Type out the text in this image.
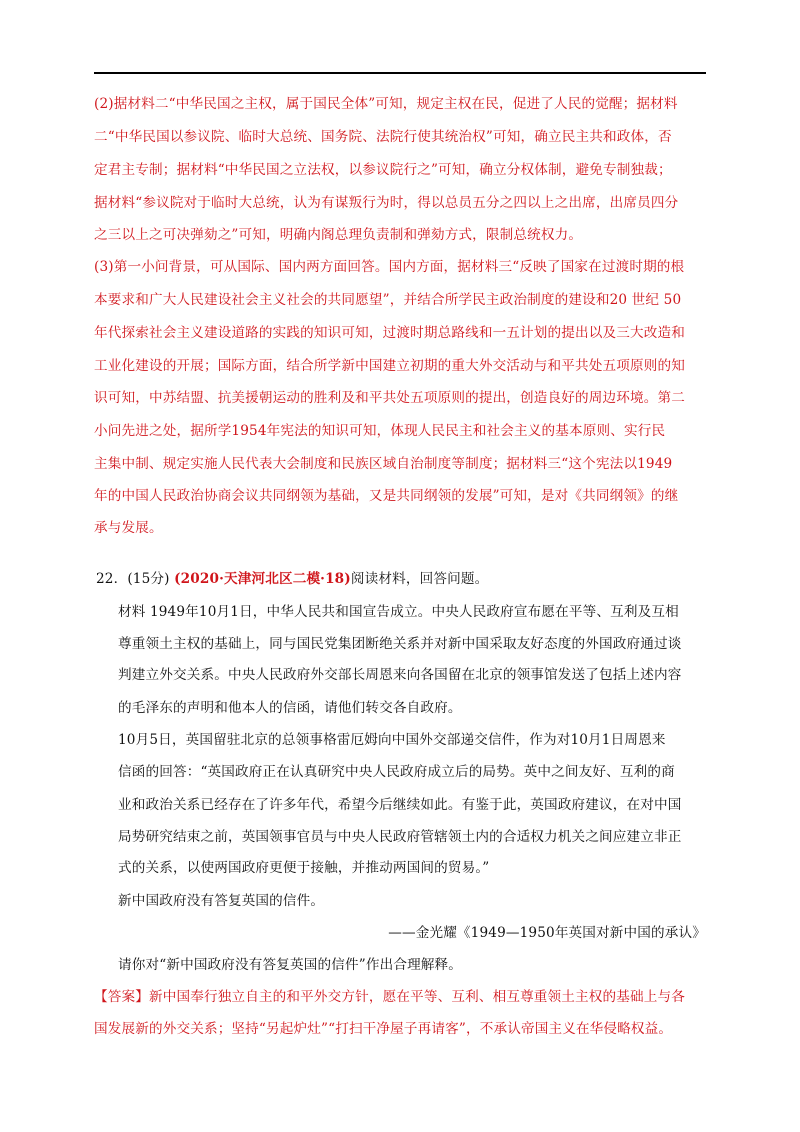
(2)据材料二“中华民国之主权，属于国民全体”可知，规定主权在民，促进了人民的觉醒；据材料
二“中华民国以参议院、临时大总统、国务院、法院行使其统治权”可知，确立民主共和政体，否
定君主专制；据材料“中华民国之立法权，以参议院行之”可知，确立分权体制，避免专制独裁；
据材料“参议院对于临时大总统，认为有谋叛行为时，得以总员五分之四以上之出席，出席员四分
之三以上之可决弹劾之”可知，明确内阁总理负责制和弹劾方式，限制总统权力。
(3)第一小问背景，可从国际、国内两方面回答。国内方面，据材料三“反映了国家在过渡时期的根
本要求和广大人民建设社会主义社会的共同愿望”，并结合所学民主政治制度的建设和20 世纪 50
年代探索社会主义建设道路的实践的知识可知，过渡时期总路线和一五计划的提出以及三大改造和
工业化建设的开展；国际方面，结合所学新中国建立初期的重大外交活动与和平共处五项原则的知
识可知，中苏结盟、抗美援朝运动的胜利及和平共处五项原则的提出，创造良好的周边环境。第二
小问先进之处，据所学1954年宪法的知识可知，体现人民民主和社会主义的基本原则、实行民
主集中制、规定实施人民代表大会制度和民族区域自治制度等制度；据材料三“这个宪法以1949
年的中国人民政治协商会议共同纲领为基础，又是共同纲领的发展”可知，是对《共同纲领》的继
承与发展。
22．(15分) (2020·天津河北区二模·18)阅读材料，回答问题。
材料 1949年10月1日，中华人民共和国宣告成立。中央人民政府宣布愿在平等、互利及互相
尊重领土主权的基础上，同与国民党集团断绝关系并对新中国采取友好态度的外国政府通过谈
判建立外交关系。中央人民政府外交部长周恩来向各国留在北京的领事馆发送了包括上述内容
的毛泽东的声明和他本人的信函，请他们转交各自政府。
10月5日，英国留驻北京的总领事格雷厄姆向中国外交部递交信件，作为对10月1日周恩来
信函的回答：“英国政府正在认真研究中央人民政府成立后的局势。英中之间友好、互利的商
业和政治关系已经存在了许多年代，希望今后继续如此。有鉴于此，英国政府建议，在对中国
局势研究结束之前，英国领事官员与中央人民政府管辖领土内的合适权力机关之间应建立非正
式的关系，以使两国政府更便于接触，并推动两国间的贸易。”
新中国政府没有答复英国的信件。
——金光耀《1949—1950年英国对新中国的承认》
请你对“新中国政府没有答复英国的信件”作出合理解释。
【答案】新中国奉行独立自主的和平外交方针，愿在平等、互利、相互尊重领土主权的基础上与各
国发展新的外交关系；坚持“另起炉灶”“打扫干净屋子再请客”，不承认帝国主义在华侵略权益。
